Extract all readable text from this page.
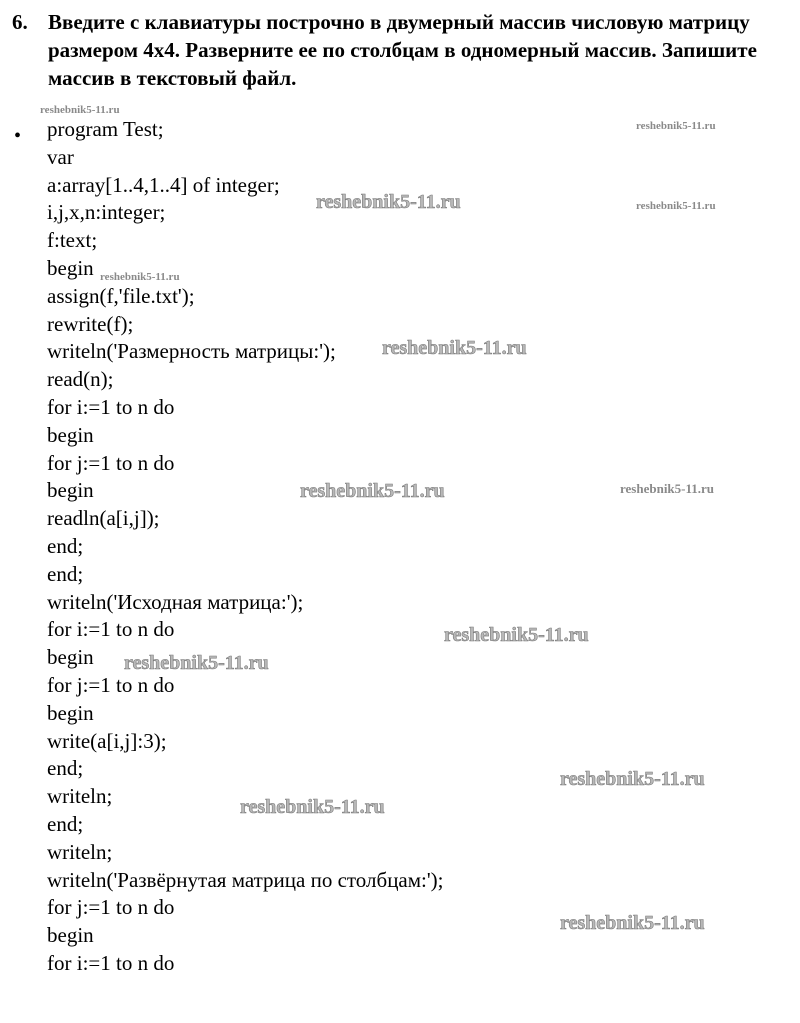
6. Введите с клавиатуры построчно в двумерный массив числовую матрицу размером 4х4. Разверните ее по столбцам в одномерный массив. Запишите массив в текстовый файл.
• program Test;
var
a:array[1..4,1..4] of integer;
i,j,x,n:integer;
f:text;
begin
assign(f,'file.txt');
rewrite(f);
writeln('Размерность матрицы:');
read(n);
for i:=1 to n do
begin
for j:=1 to n do
begin
readln(a[i,j]);
end;
end;
writeln('Исходная матрица:');
for i:=1 to n do
begin
for j:=1 to n do
begin
write(a[i,j]:3);
end;
writeln;
end;
writeln;
writeln('Развёрнутая матрица по столбцам:');
for j:=1 to n do
begin
for i:=1 to n do
reshebnik5-11.ru
reshebnik5-11.ru
reshebnik5-11.ru	reshebnik5-11.ru
reshebnik5-11.ru
reshebnik5-11.ru
reshebnik5-11.ru	reshebnik5-11.ru
reshebnik5-11.ru
reshebnik5-11.ru
reshebnik5-11.ru
reshebnik5-11.ru
reshebnik5-11.ru
